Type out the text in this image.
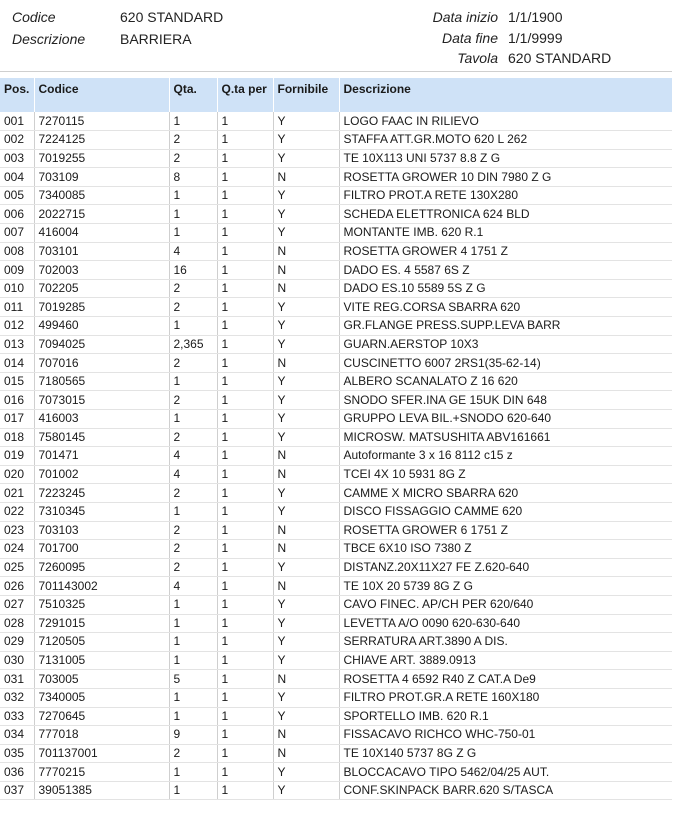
Codice	620 STANDARD
Descrizione BARRIERA
Data inizio 1/1/1900
Data fine 1/1/9999
Tavola 620 STANDARD
Pos.	Codice	Qta.	Q.ta per	Fornibile	Descrizione
001	7270115	1	1	Y	LOGO FAAC IN RILIEVO
002	7224125	2	1	Y	STAFFA ATT.GR.MOTO 620 L 262
003	7019255	2	1	Y	TE 10X113 UNI 5737 8.8 Z G
004	703109	8	1	N	ROSETTA GROWER 10 DIN 7980 Z G
005	7340085	1	1	Y	FILTRO PROT.A RETE 130X280
006	2022715	1	1	Y	SCHEDA ELETTRONICA 624 BLD
007	416004	1	1	Y	MONTANTE IMB. 620 R.1
008	703101	4	1	N	ROSETTA GROWER 4 1751 Z
009	702003	16	1	N	DADO ES. 4 5587 6S Z
010	702205	2	1	N	DADO ES.10 5589 5S Z G
011	7019285	2	1	Y	VITE REG.CORSA SBARRA 620
012	499460	1	1	Y	GR.FLANGE PRESS.SUPP.LEVA BARR
013	7094025	2,365	1	Y	GUARN.AERSTOP 10X3
014	707016	2	1	N	CUSCINETTO 6007 2RS1(35-62-14)
015	7180565	1	1	Y	ALBERO SCANALATO Z 16 620
016	7073015	2	1	Y	SNODO SFER.INA GE 15UK DIN 648
017	416003	1	1	Y	GRUPPO LEVA BIL.+SNODO 620-640
018	7580145	2	1	Y	MICROSW. MATSUSHITA ABV161661
019	701471	4	1	N	Autoformante 3 x 16 8112 c15 z
020	701002	4	1	N	TCEI 4X 10 5931 8G Z
021	7223245	2	1	Y	CAMME X MICRO SBARRA 620
022	7310345	1	1	Y	DISCO FISSAGGIO CAMME 620
023	703103	2	1	N	ROSETTA GROWER 6 1751 Z
024	701700	2	1	N	TBCE 6X10 ISO 7380 Z
025	7260095	2	1	Y	DISTANZ.20X11X27 FE Z.620-640
026	701143002	4	1	N	TE 10X 20 5739 8G Z G
027	7510325	1	1	Y	CAVO FINEC. AP/CH PER 620/640
028	7291015	1	1	Y	LEVETTA A/O 0090 620-630-640
029	7120505	1	1	Y	SERRATURA ART.3890 A DIS.
030	7131005	1	1	Y	CHIAVE ART. 3889.0913
031	703005	5	1	N	ROSETTA 4 6592 R40 Z CAT.A De9
032	7340005	1	1	Y	FILTRO PROT.GR.A RETE 160X180
033	7270645	1	1	Y	SPORTELLO IMB. 620 R.1
034	777018	9	1	N	FISSACAVO RICHCO WHC-750-01
035	701137001	2	1	N	TE 10X140 5737 8G Z G
036	7770215	1	1	Y	BLOCCACAVO TIPO 5462/04/25 AUT.
037	39051385	1	1	Y	CONF.SKINPACK BARR.620 S/TASCA
